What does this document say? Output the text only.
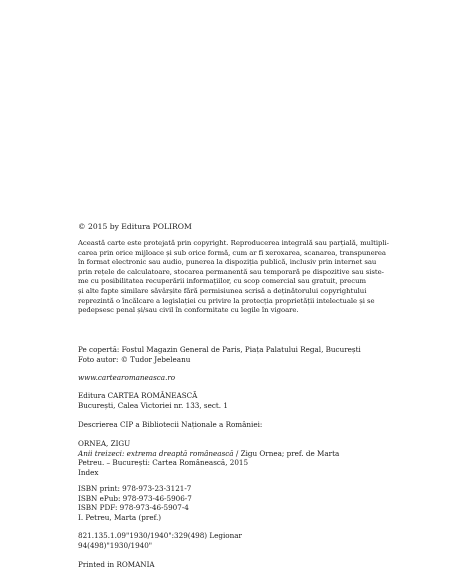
© 2015 by Editura POLIROM
Această carte este protejată prin copyright. Reproducerea integrală sau parțială, multipli-
carea prin orice mijloace și sub orice formă, cum ar fi xeroxarea, scanarea, transpunerea
în format electronic sau audio, punerea la dispoziția publică, inclusiv prin internet sau
prin rețele de calculatoare, stocarea permanentă sau temporară pe dispozitive sau siste-
me cu posibilitatea recuperării informațiilor, cu scop comercial sau gratuit, precum
și alte fapte similare săvârșite fără permisiunea scrisă a deținătorului copyrightului
reprezintă o încălcare a legislației cu privire la protecția proprietății intelectuale și se
pedepsesc penal și/sau civil în conformitate cu legile în vigoare.
Pe copertă: Fostul Magazin General de Paris, Piața Palatului Regal, București
Foto autor: © Tudor Jebeleanu
www.cartearomaneasca.ro
Editura CARTEA ROMÂNEASCĂ
București, Calea Victoriei nr. 133, sect. 1
Descrierea CIP a Bibliotecii Naționale a României:
ORNEA, ZIGU
Anii treizeci: extrema dreaptă românească / Zigu Ornea; pref. de Marta
Petreu. – București: Cartea Românească, 2015
Index
ISBN print: 978-973-23-3121-7
ISBN ePub: 978-973-46-5906-7
ISBN PDF: 978-973-46-5907-4
I. Petreu, Marta (pref.)
821.135.1.09"1930/1940":329(498) Legionar
94(498)"1930/1940"
Printed in ROMANIA
